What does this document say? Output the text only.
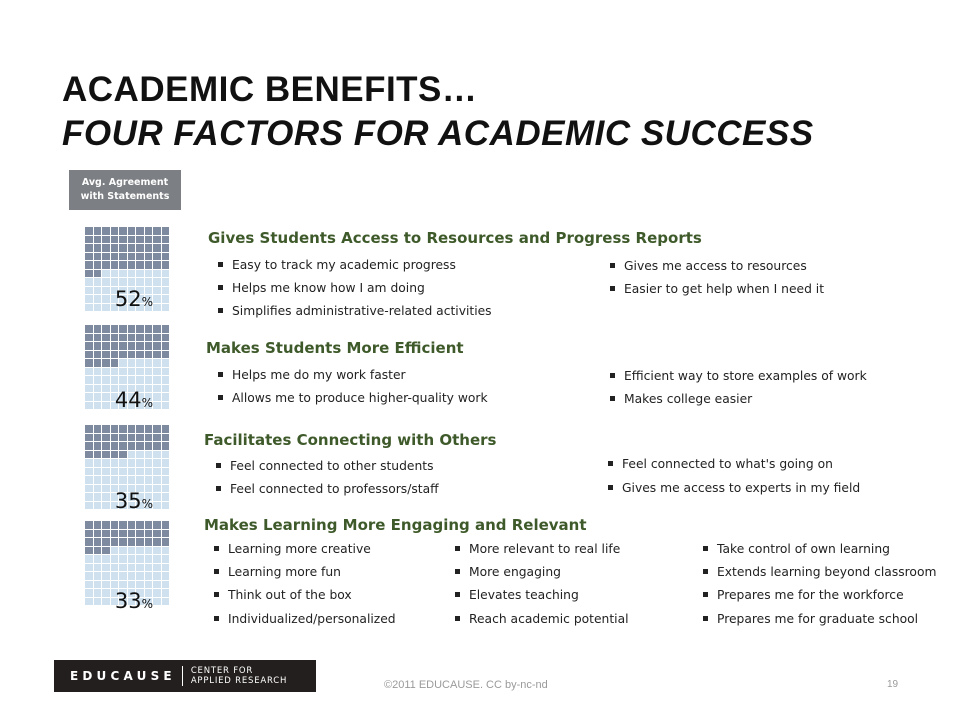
ACADEMIC BENEFITS…
FOUR FACTORS FOR ACADEMIC SUCCESS
Avg. Agreement
with Statements
52%
Gives Students Access to Resources and Progress Reports
Easy to track my academic progress
Helps me know how I am doing
Simplifies administrative-related activities
Gives me access to resources
Easier to get help when I need it
44%
Makes Students More Efficient
Helps me do my work faster
Allows me to produce higher-quality work
Efficient way to store examples of work
Makes college easier
35%
Facilitates Connecting with Others
Feel connected to other students
Feel connected to professors/staff
Feel connected to what's going on
Gives me access to experts in my field
33%
Makes Learning More Engaging and Relevant
Learning more creative
Learning more fun
Think out of the box
Individualized/personalized
More relevant to real life
More engaging
Elevates teaching
Reach academic potential
Take control of own learning
Extends learning beyond classroom
Prepares me for the workforce
Prepares me for graduate school
EDUCAUSE CENTER FOR
APPLIED RESEARCH	©2011 EDUCAUSE. CC by-nc-nd	19
